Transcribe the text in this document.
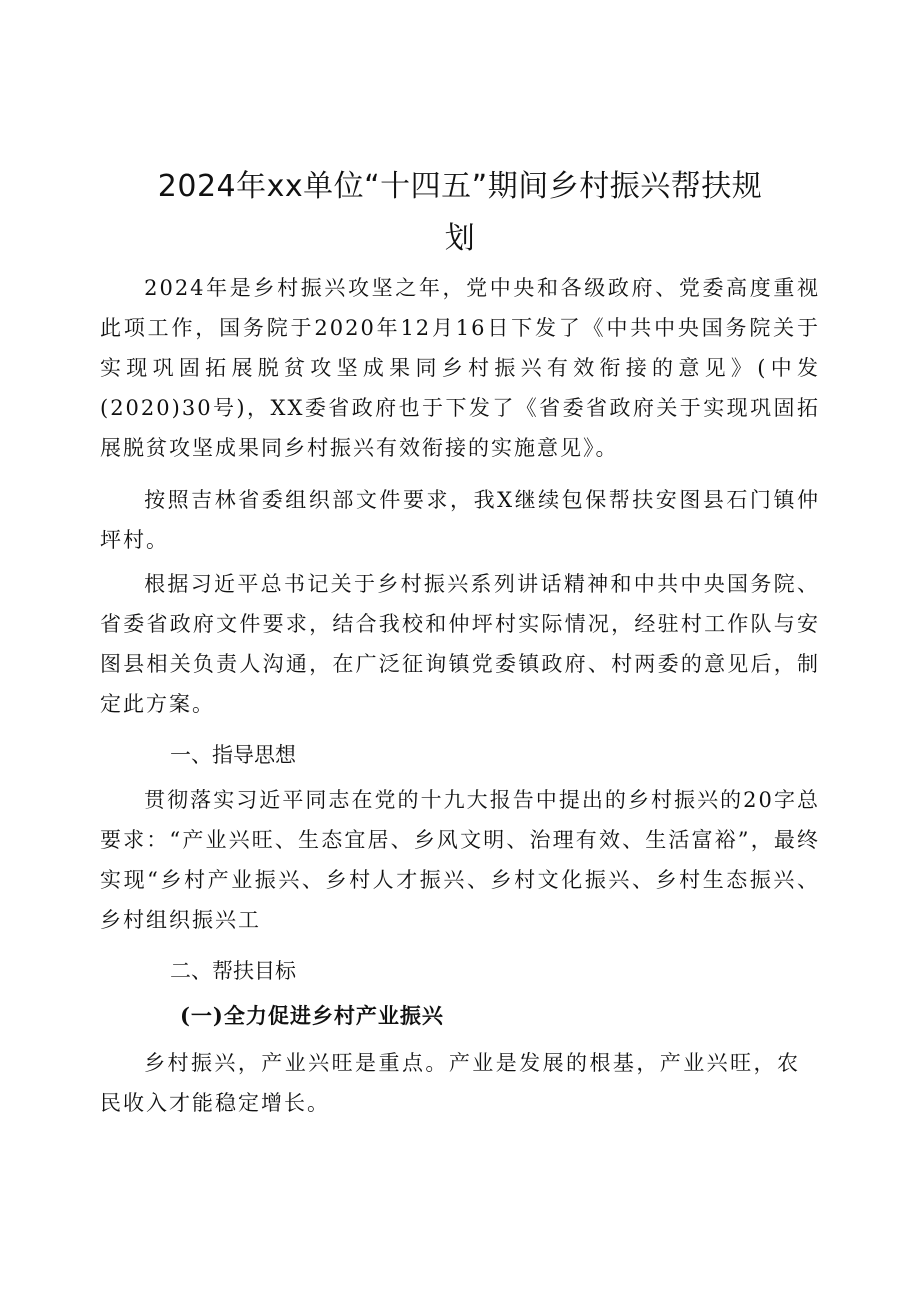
2024年xx单位“十四五”期间乡村振兴帮扶规
划

2024年是乡村振兴攻坚之年，党中央和各级政府、党委高度重视此项工作，国务院于2020年12月16日下发了《中共中央国务院关于实现巩固拓展脱贫攻坚成果同乡村振兴有效衔接的意见》(中发(2020)30号)，XX委省政府也于下发了《省委省政府关于实现巩固拓展脱贫攻坚成果同乡村振兴有效衔接的实施意见》。

按照吉林省委组织部文件要求，我X继续包保帮扶安图县石门镇仲坪村。

根据习近平总书记关于乡村振兴系列讲话精神和中共中央国务院、省委省政府文件要求，结合我校和仲坪村实际情况，经驻村工作队与安图县相关负责人沟通，在广泛征询镇党委镇政府、村两委的意见后，制定此方案。

一、指导思想

贯彻落实习近平同志在党的十九大报告中提出的乡村振兴的20字总要求：“产业兴旺、生态宜居、乡风文明、治理有效、生活富裕”，最终实现“乡村产业振兴、乡村人才振兴、乡村文化振兴、乡村生态振兴、乡村组织振兴工

二、帮扶目标
(一)全力促进乡村产业振兴

乡村振兴，产业兴旺是重点。产业是发展的根基，产业兴旺，农民收入才能稳定增长。
